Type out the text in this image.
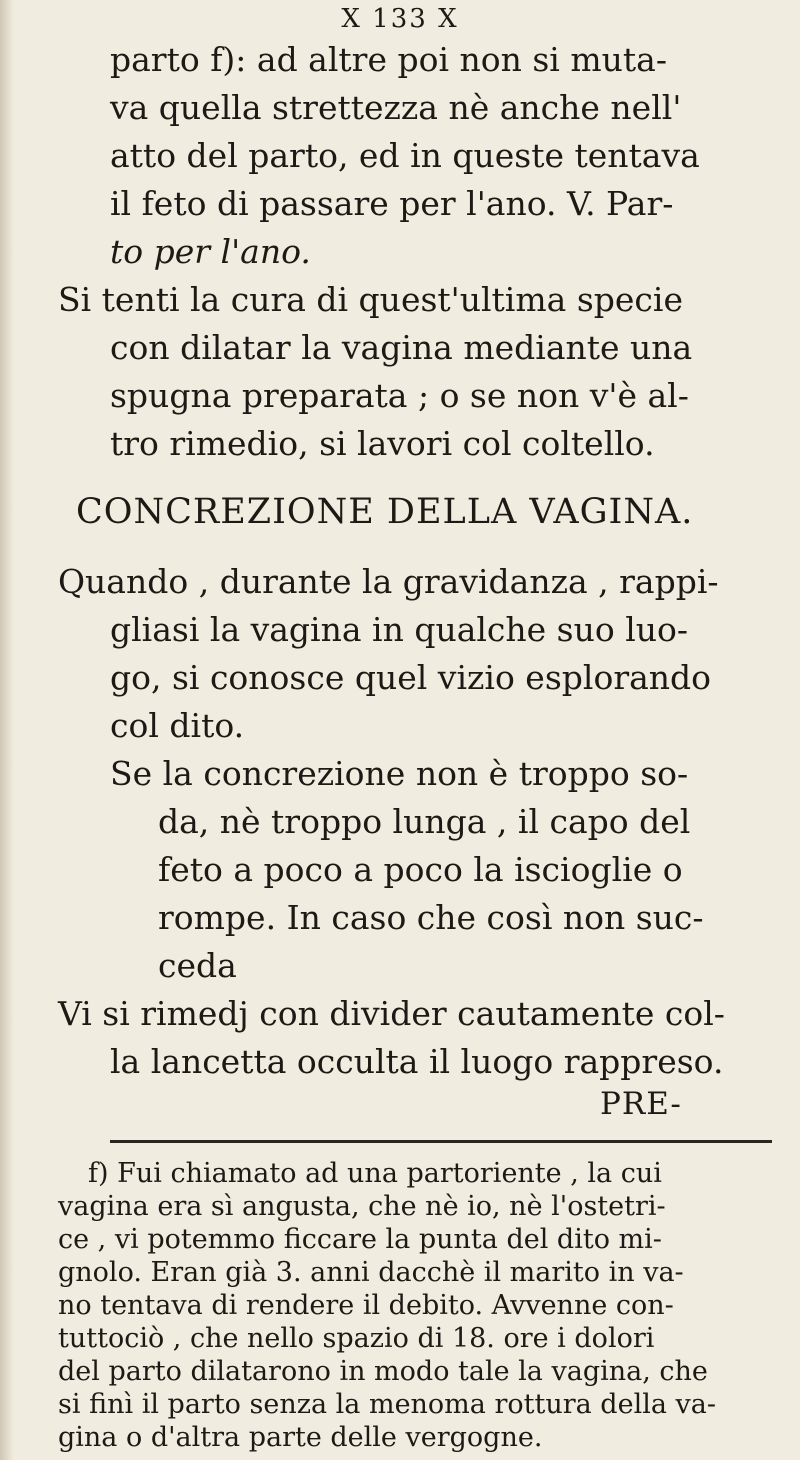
X 133 X
parto f): ad altre poi non si muta-
va quella strettezza nè anche nell'
atto del parto, ed in queste tentava
il feto di passare per l'ano. V. Par-
to per l'ano.
Si tenti la cura di quest'ultima specie
con dilatar la vagina mediante una
spugna preparata ; o se non v'è al-
tro rimedio, si lavori col coltello.
CONCREZIONE DELLA VAGINA.
Quando , durante la gravidanza , rappi-
gliasi la vagina in qualche suo luo-
go, si conosce quel vizio esplorando
col dito.
Se la concrezione non è troppo so-
da, nè troppo lunga , il capo del
feto a poco a poco la iscioglie o
rompe. In caso che così non suc-
ceda
Vi si rimedj con divider cautamente col-
la lancetta occulta il luogo rappreso.
PRE-
f) Fui chiamato ad una partoriente , la cui
vagina era sì angusta, che nè io, nè l'ostetri-
ce , vi potemmo ficcare la punta del dito mi-
gnolo. Eran già 3. anni dacchè il marito in va-
no tentava di rendere il debito. Avvenne con-
tuttociò , che nello spazio di 18. ore i dolori
del parto dilatarono in modo tale la vagina, che
si finì il parto senza la menoma rottura della va-
gina o d'altra parte delle vergogne.
